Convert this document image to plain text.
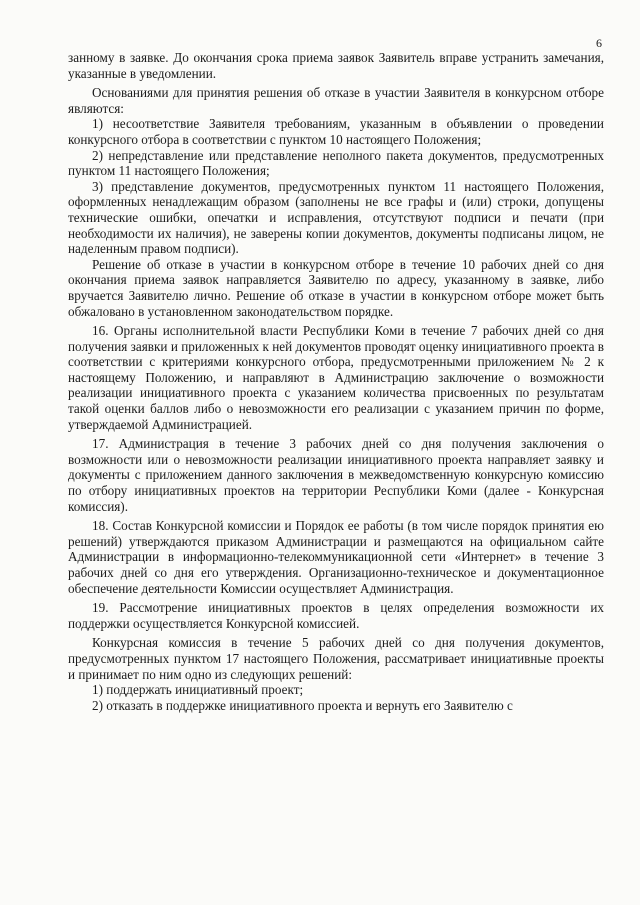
6

занному в заявке. До окончания срока приема заявок Заявитель вправе устранить замечания, указанные в уведомлении.

Основаниями для принятия решения об отказе в участии Заявителя в конкурсном отборе являются:

1) несоответствие Заявителя требованиям, указанным в объявлении о проведении конкурсного отбора в соответствии с пунктом 10 настоящего Положения;

2) непредставление или представление неполного пакета документов, предусмотренных пунктом 11 настоящего Положения;

3) представление документов, предусмотренных пунктом 11 настоящего Положения, оформленных ненадлежащим образом (заполнены не все графы и (или) строки, допущены технические ошибки, опечатки и исправления, отсутствуют подписи и печати (при необходимости их наличия), не заверены копии документов, документы подписаны лицом, не наделенным правом подписи).

Решение об отказе в участии в конкурсном отборе в течение 10 рабочих дней со дня окончания приема заявок направляется Заявителю по адресу, указанному в заявке, либо вручается Заявителю лично. Решение об отказе в участии в конкурсном отборе может быть обжаловано в установленном законодательством порядке.

16. Органы исполнительной власти Республики Коми в течение 7 рабочих дней со дня получения заявки и приложенных к ней документов проводят оценку инициативного проекта в соответствии с критериями конкурсного отбора, предусмотренными приложением № 2 к настоящему Положению, и направляют в Администрацию заключение о возможности реализации инициативного проекта с указанием количества присвоенных по результатам такой оценки баллов либо о невозможности его реализации с указанием причин по форме, утверждаемой Администрацией.

17. Администрация в течение 3 рабочих дней со дня получения заключения о возможности или о невозможности реализации инициативного проекта направляет заявку и документы с приложением данного заключения в межведомственную конкурсную комиссию по отбору инициативных проектов на территории Республики Коми (далее - Конкурсная комиссия).

18. Состав Конкурсной комиссии и Порядок ее работы (в том числе порядок принятия ею решений) утверждаются приказом Администрации и размещаются на официальном сайте Администрации в информационно-телекоммуникационной сети «Интернет» в течение 3 рабочих дней со дня его утверждения. Организационно-техническое и документационное обеспечение деятельности Комиссии осуществляет Администрация.

19. Рассмотрение инициативных проектов в целях определения возможности их поддержки осуществляется Конкурсной комиссией.

Конкурсная комиссия в течение 5 рабочих дней со дня получения документов, предусмотренных пунктом 17 настоящего Положения, рассматривает инициативные проекты и принимает по ним одно из следующих решений:

1) поддержать инициативный проект;

2) отказать в поддержке инициативного проекта и вернуть его Заявителю с
